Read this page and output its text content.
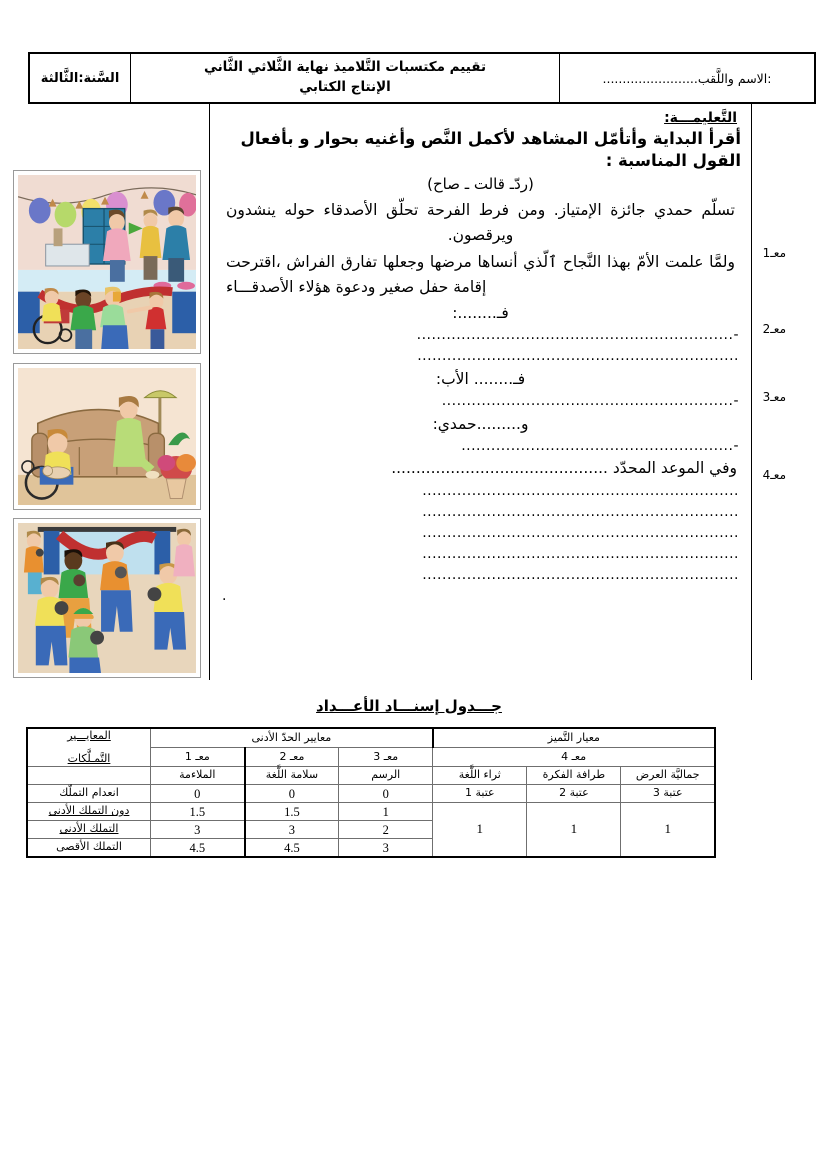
:الاسم واللَّقب........................	
تقييم مكتسبات التَّلاميذ نهاية الثَّلاثي الثَّاني
الإنتاج الكتابي
	السَّنة:الثَّالثة
معـ1
معـ2
معـ3
معـ4

التَّعليمـــة:
أقرأ البداية وأتأمّل المشاهد لأكمل النَّص وأغنيه بحوار و بأفعال القول المناسبة :
(ردّـ قالت ـ صاح)
تسلّم حمدي جائزة الإمتياز. ومن فرط الفرحة تحلّق الأصدقاء حوله ينشدون ويرقصون.
ولمَّا علمت الأمّ بهذا النَّجاح ٱلّذي أنساها مرضها وجعلها تفارق الفراش ،اقترحت إقامة حفل صغير ودعوة هؤلاء الأصدقـــاء
فـ........:
-................................................................
.................................................................
فـ........ الأب:
-.............................…...........................
و.........حمدي:
-.......................................................
وفي الموعد المحدّد ............................................
................................................................
................................................................
................................................................
................................................................
................................................................
.

جـــدول إسنـــاد الأعـــداد
معيار التَّميز			معايير الحدّ الأدنى			المعايـــير
التَّمـلَّكات

معـ 4			معـ 3	معـ 2	معـ 1	
جماليَّة العرض	طرافة الفكرة	ثراء اللَّغة	الرسم	سلامة اللَّغة	الملاءمة	
عتبة 3	عتبة 2	عتبة 1	0	0	0	انعدام التملّك
1	1	1	1	1.5	1.5	دون التملك الأدنى
			2	3	3	التملك الأدنى
			3	4.5	4.5	التملك الأقصى
